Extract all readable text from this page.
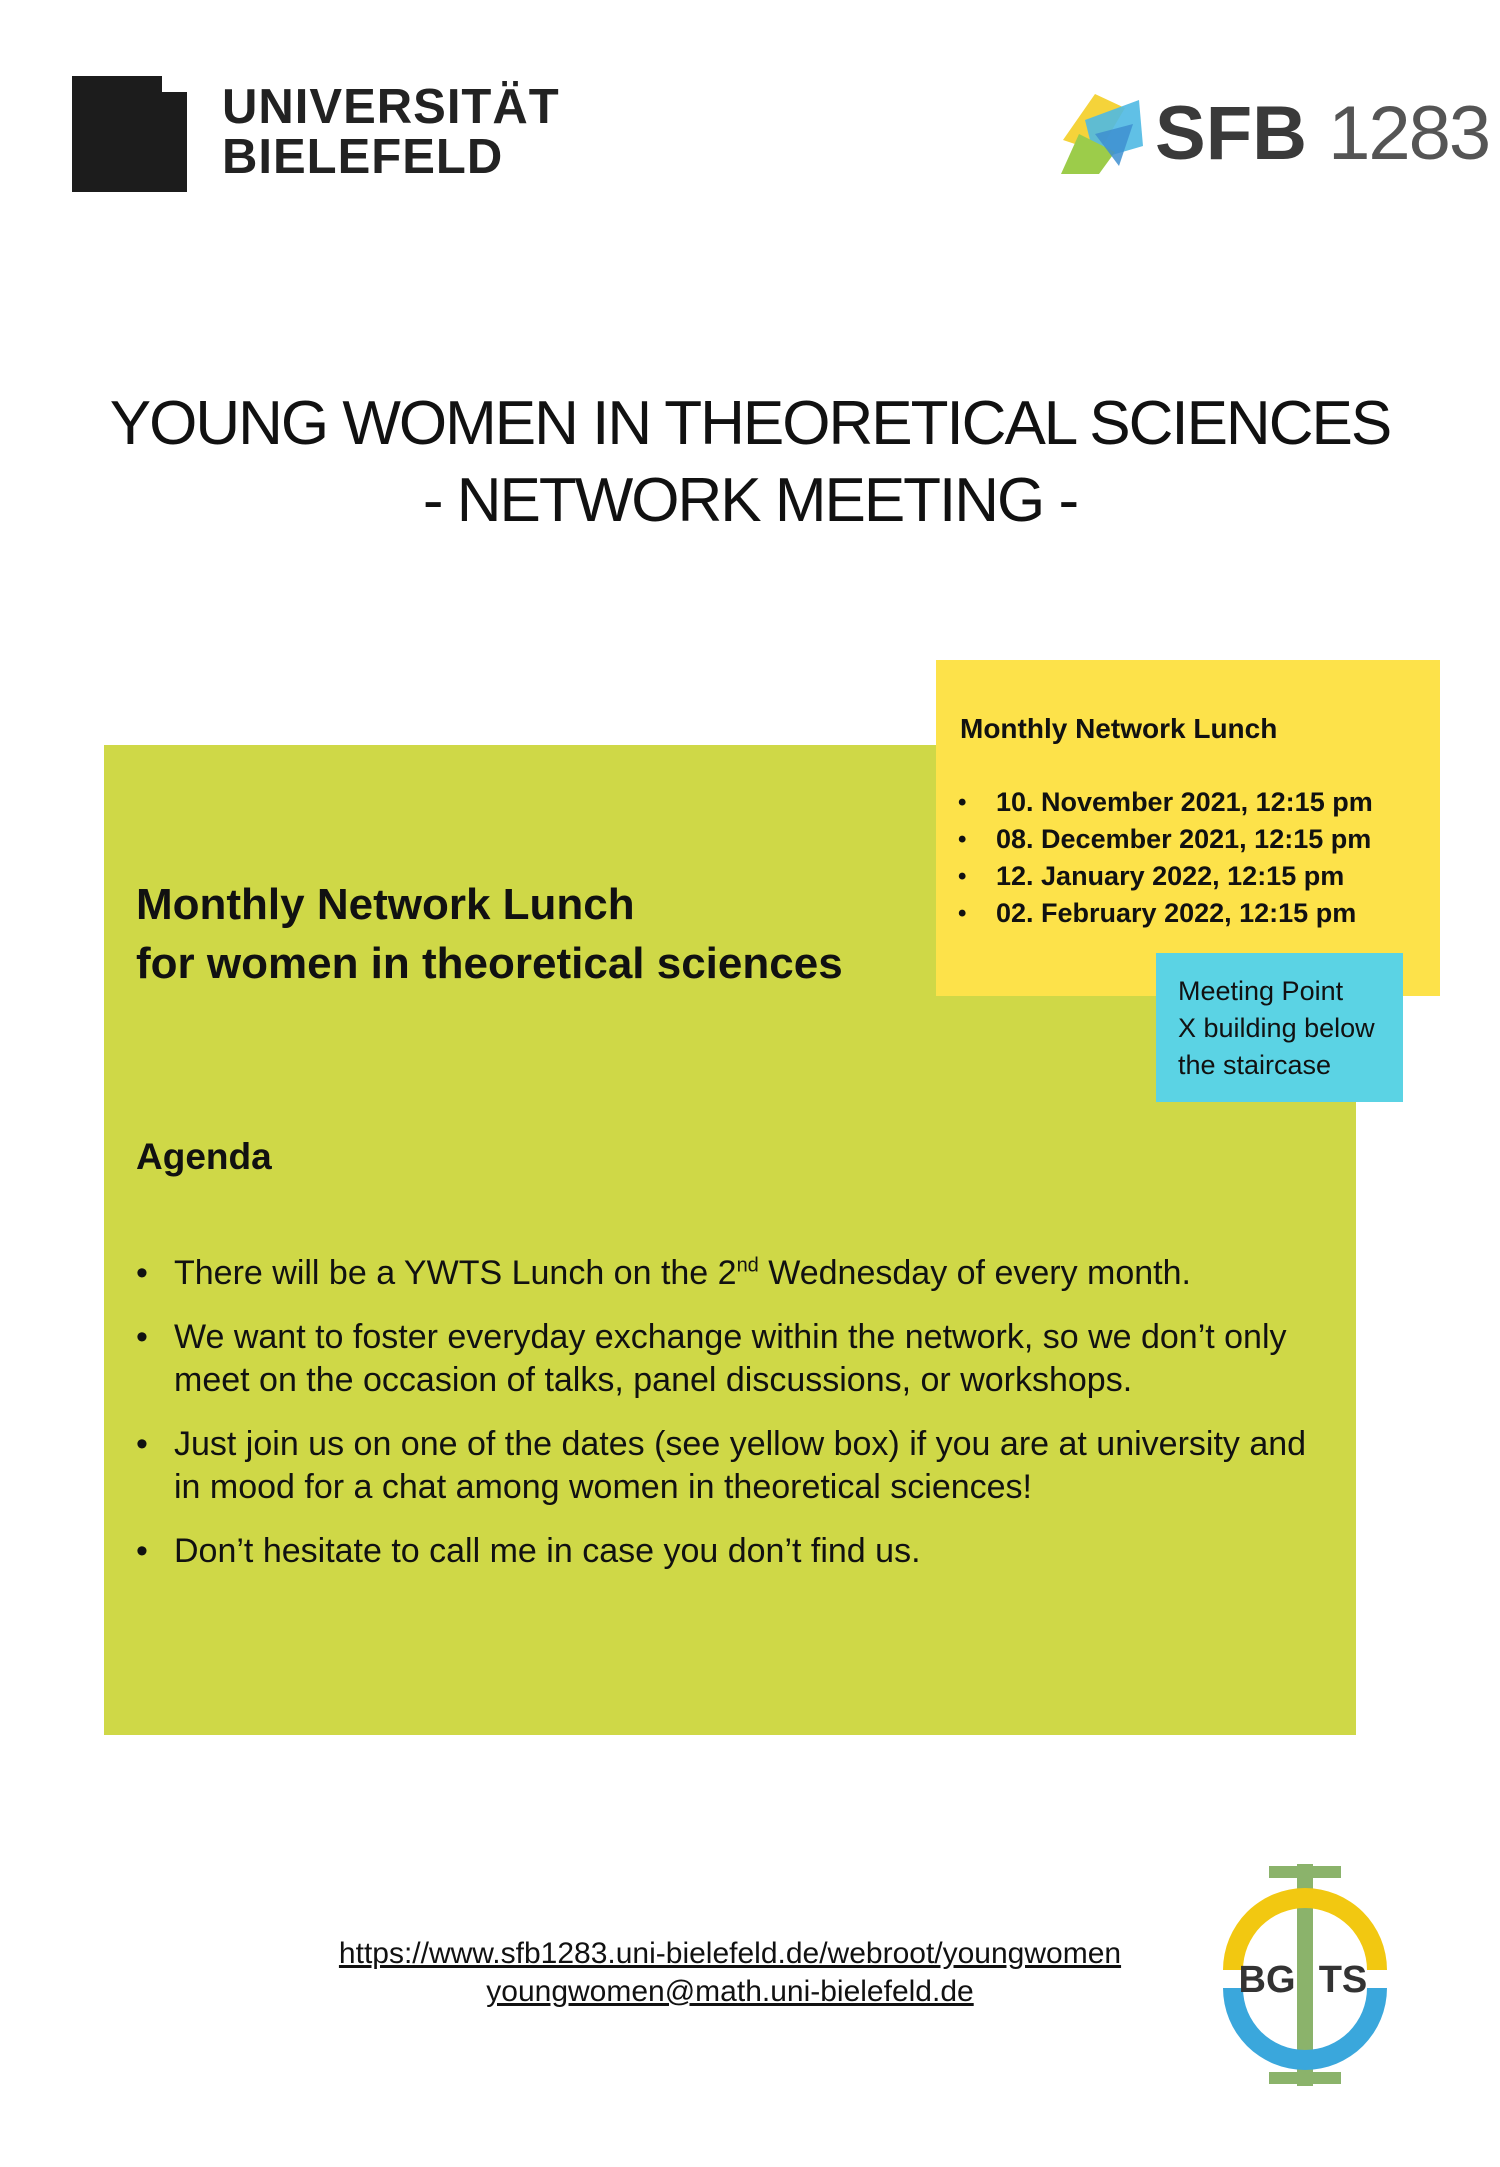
UNIVERSITÄT
BIELEFELD	SFB 1283
YOUNG WOMEN IN THEORETICAL SCIENCES
- NETWORK MEETING -
Monthly Network Lunch
for women in theoretical sciences
Agenda
• There will be a YWTS Lunch on the 2nd Wednesday of every month.
• We want to foster everyday exchange within the network, so we don’t only meet on the occasion of talks, panel discussions, or workshops.
• Just join us on one of the dates (see yellow box) if you are at university and in mood for a chat among women in theoretical sciences!
• Don’t hesitate to call me in case you don’t find us.
Monthly Network Lunch
• 10. November 2021, 12:15 pm
• 08. December 2021, 12:15 pm
• 12. January 2022, 12:15 pm
• 02. February 2022, 12:15 pm
Meeting Point
X building below
the staircase
https://www.sfb1283.uni-bielefeld.de/webroot/youngwomen
youngwomen@math.uni-bielefeld.de	BG TS
